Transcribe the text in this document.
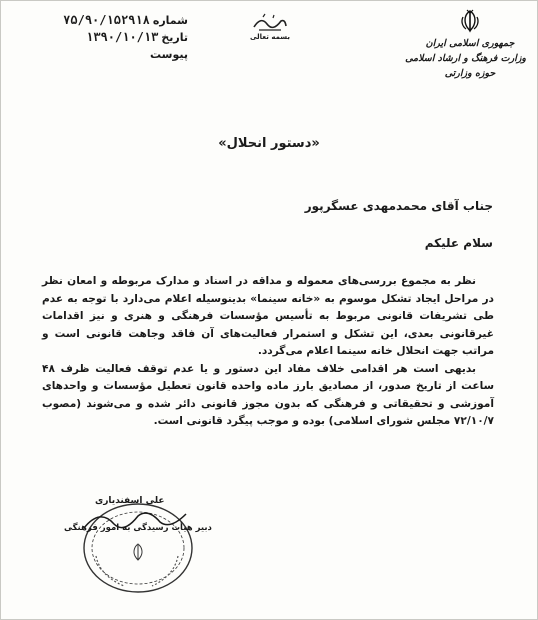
شماره
۷۵/۹۰/۱۵۲۹۱۸
تاریخ
۱۳۹۰/۱۰/۱۳
پیوست
بسمه تعالی
جمهوری اسلامی ایران
وزارت فرهنگ و ارشاد اسلامی
حوزه وزارتی
«دستور انحلال»
جناب آقای محمدمهدی عسگرپور
سلام علیکم

نظر به مجموع بررسی‌های معموله و مداقه در اسناد و مدارک مربوطه و امعان نظر در مراحل ایجاد تشکل موسوم به «خانه سینما» بدینوسیله اعلام می‌دارد با توجه به عدم طی تشریفات قانونی مربوط به تأسیس مؤسسات فرهنگی و هنری و نیز اقدامات غیرقانونی بعدی، این تشکل و استمرار فعالیت‌های آن فاقد وجاهت قانونی است و مراتب جهت انحلال خانه سینما اعلام می‌گردد.

بدیهی است هر اقدامی خلاف مفاد این دستور و یا عدم توقف فعالیت ظرف ۴۸ ساعت از تاریخ صدور، از مصادیق بارز ماده واحده قانون تعطیل مؤسسات و واحدهای آموزشی و تحقیقاتی و فرهنگی که بدون مجوز قانونی دائر شده و می‌شوند (مصوب ۷۲/۱۰/۷ مجلس شورای اسلامی) بوده و موجب پیگرد قانونی است.

علی اسفندیاری
دبیر هیأت رسیدگی به امور فرهنگی
